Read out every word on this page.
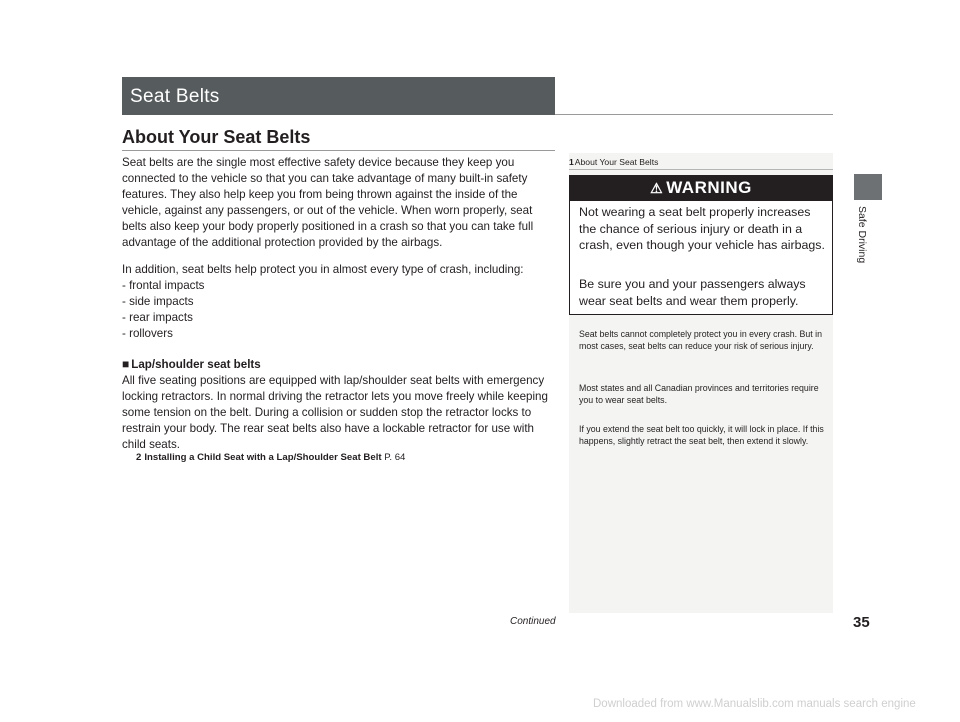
Seat Belts
About Your Seat Belts
Seat belts are the single most effective safety device because they keep you connected to the vehicle so that you can take advantage of many built-in safety features. They also help keep you from being thrown against the inside of the vehicle, against any passengers, or out of the vehicle. When worn properly, seat belts also keep your body properly positioned in a crash so that you can take full advantage of the additional protection provided by the airbags.
In addition, seat belts help protect you in almost every type of crash, including:
- frontal impacts
- side impacts
- rear impacts
- rollovers
■ Lap/shoulder seat belts
All five seating positions are equipped with lap/shoulder seat belts with emergency locking retractors. In normal driving the retractor lets you move freely while keeping some tension on the belt. During a collision or sudden stop the retractor locks to restrain your body. The rear seat belts also have a lockable retractor for use with child seats.
2 Installing a Child Seat with a Lap/Shoulder Seat Belt P. 64
1About Your Seat Belts
⚠ WARNING
Not wearing a seat belt properly increases the chance of serious injury or death in a crash, even though your vehicle has airbags.
Be sure you and your passengers always wear seat belts and wear them properly.
Seat belts cannot completely protect you in every crash. But in most cases, seat belts can reduce your risk of serious injury.
Most states and all Canadian provinces and territories require you to wear seat belts.
If you extend the seat belt too quickly, it will lock in place. If this happens, slightly retract the seat belt, then extend it slowly.
Safe Driving
Continued	35
Downloaded from www.Manualslib.com manuals search engine
